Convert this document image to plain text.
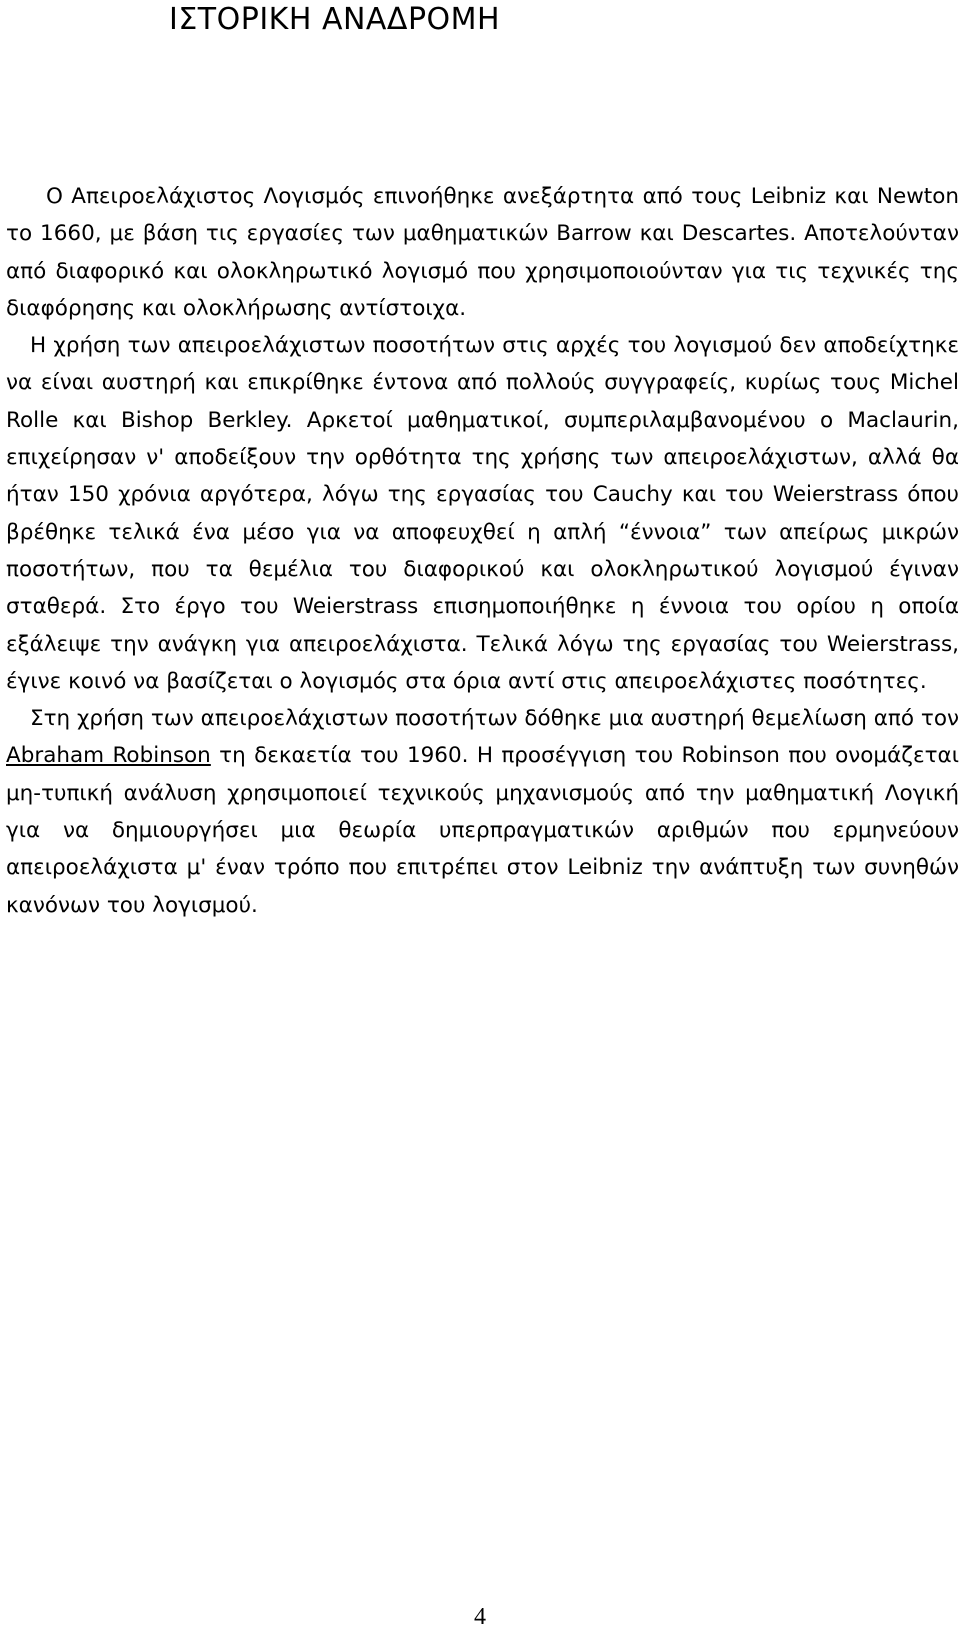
ΙΣΤΟΡΙΚΗ ΑΝΑΔΡΟΜΗ

Ο Απειροελάχιστος Λογισμός επινοήθηκε ανεξάρτητα από τους Leibniz και Newton το 1660, με βάση τις εργασίες των μαθηματικών Barrow και Descartes. Αποτελούνταν από διαφορικό και ολοκληρωτικό λογισμό που χρησιμοποιούνταν για τις τεχνικές της διαφόρησης και ολοκλήρωσης αντίστοιχα.

Η χρήση των απειροελάχιστων ποσοτήτων στις αρχές του λογισμού δεν αποδείχτηκε να είναι αυστηρή και επικρίθηκε έντονα από πολλούς συγγραφείς, κυρίως τους Michel Rolle και Bishop Berkley. Αρκετοί μαθηματικοί, συμπεριλαμβανομένου ο Maclaurin, επιχείρησαν ν' αποδείξουν την ορθότητα της χρήσης των απειροελάχιστων, αλλά θα ήταν 150 χρόνια αργότερα, λόγω της εργασίας του Cauchy και του Weierstrass όπου βρέθηκε τελικά ένα μέσο για να αποφευχθεί η απλή “έννοια” των απείρως μικρών ποσοτήτων, που τα θεμέλια του διαφορικού και ολοκληρωτικού λογισμού έγιναν σταθερά. Στο έργο του Weierstrass επισημοποιήθηκε η έννοια του ορίου η οποία εξάλειψε την ανάγκη για απειροελάχιστα. Τελικά λόγω της εργασίας του Weierstrass, έγινε κοινό να βασίζεται ο λογισμός στα όρια αντί στις απειροελάχιστες ποσότητες.

Στη χρήση των απειροελάχιστων ποσοτήτων δόθηκε μια αυστηρή θεμελίωση από τον Abraham Robinson τη δεκαετία του 1960. Η προσέγγιση του Robinson που ονομάζεται μη-τυπική ανάλυση χρησιμοποιεί τεχνικούς μηχανισμούς από την μαθηματική Λογική για να δημιουργήσει μια θεωρία υπερπραγματικών αριθμών που ερμηνεύουν απειροελάχιστα μ' έναν τρόπο που επιτρέπει στον Leibniz την ανάπτυξη των συνηθών κανόνων του λογισμού.

4
